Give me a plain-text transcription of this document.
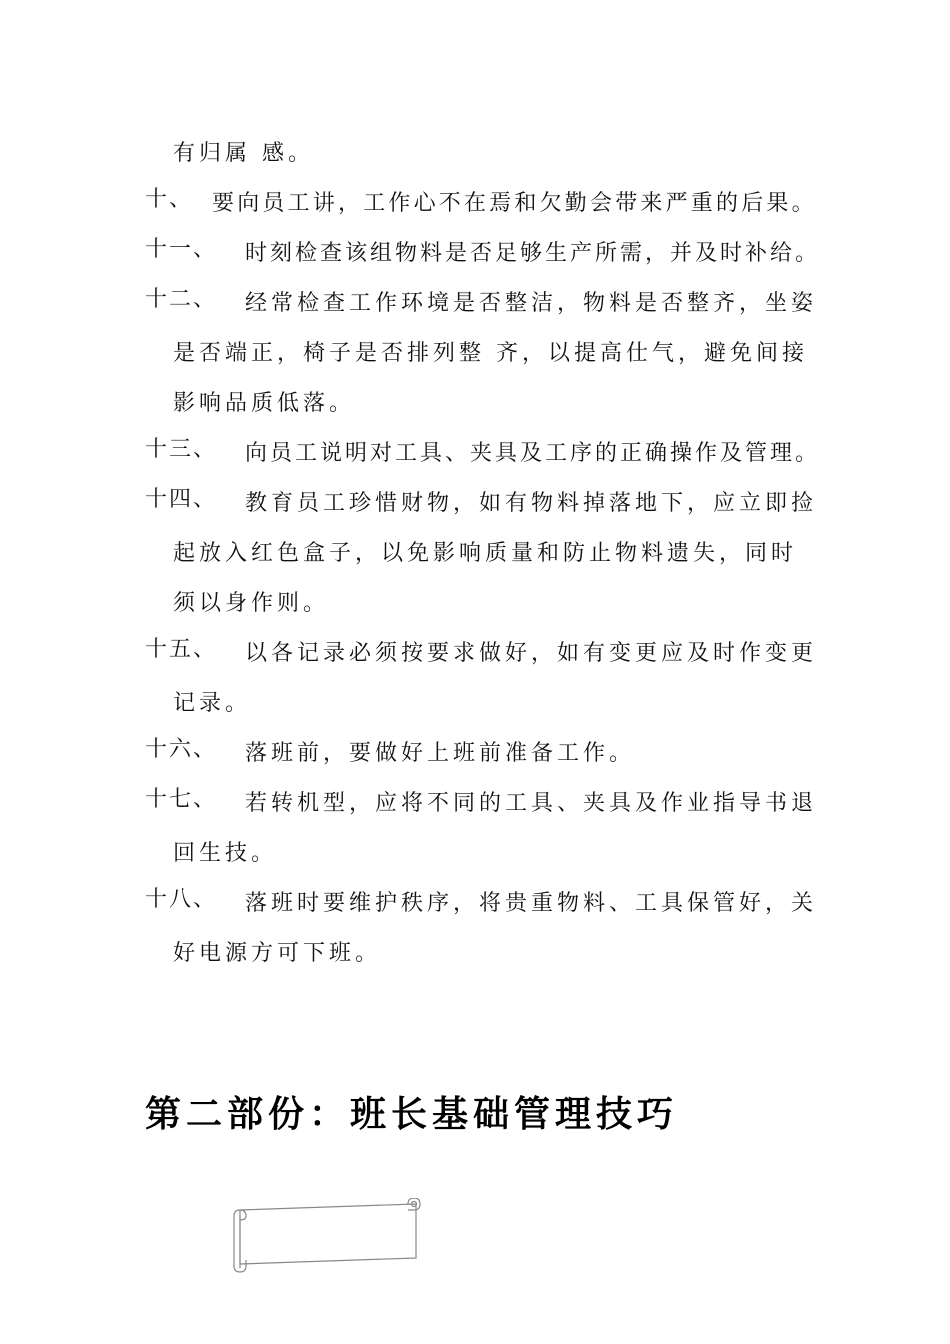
有归属 感。
十、 要向员工讲，工作心不在焉和欠勤会带来严重的后果。
十一、 时刻检查该组物料是否足够生产所需，并及时补给。
十二、 经常检查工作环境是否整洁，物料是否整齐，坐姿
是否端正，椅子是否排列整 齐，以提高仕气，避免间接
影响品质低落。
十三、 向员工说明对工具、夹具及工序的正确操作及管理。
十四、 教育员工珍惜财物，如有物料掉落地下，应立即捡
起放入红色盒子，以免影响质量和防止物料遗失，同时
须以身作则。
十五、 以各记录必须按要求做好，如有变更应及时作变更
记录。
十六、 落班前，要做好上班前准备工作。
十七、 若转机型，应将不同的工具、夹具及作业指导书退
回生技。
十八、 落班时要维护秩序，将贵重物料、工具保管好，关
好电源方可下班。
第二部份：班长基础管理技巧
